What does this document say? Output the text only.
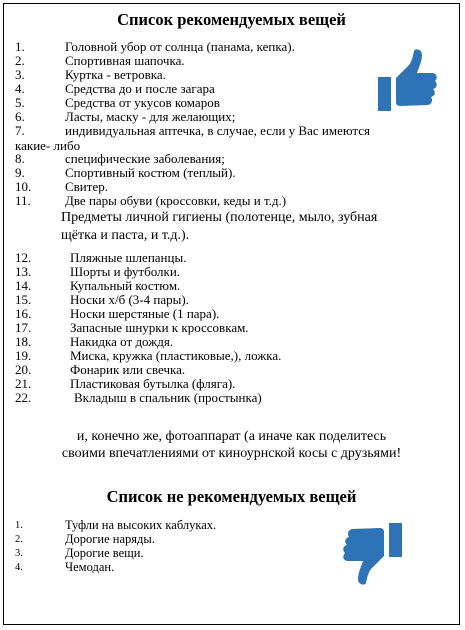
Список рекомендуемых вещей
1.	Головной убор от солнца (панама, кепка).
2.	Спортивная шапочка.
3.	Куртка - ветровка.
4.	Средства до и после загара
5.	Средства от укусов комаров
6.	Ласты, маску - для желающих;
7.	индивидуальная аптечка, в случае, если у Вас имеются
какие- либо
8.	специфические заболевания;
9.	Спортивный костюм (теплый).
10.	Свитер.
11.	Две пары обуви (кроссовки, кеды и т.д.)
Предметы личной гигиены (полотенце, мыло, зубная
щётка и паста, и т.д.).
12.	Пляжные шлепанцы.
13.	Шорты и футболки.
14.	Купальный костюм.
15.	Носки х/б (3-4 пары).
16.	Носки шерстяные (1 пара).
17.	Запасные шнурки к кроссовкам.
18.	Накидка от дождя.
19.	Миска, кружка (пластиковые,), ложка.
20.	Фонарик или свечка.
21.	Пластиковая бутылка (фляга).
22.	Вкладыш в спальник (простынка)
и, конечно же, фотоаппарат (а иначе как поделитесь
своими впечатлениями от киноурнской косы с друзьями!
Список не рекомендуемых вещей
1.	Туфли на высоких каблуках.
2.	Дорогие наряды.
3.	Дорогие вещи.
4.	Чемодан.
